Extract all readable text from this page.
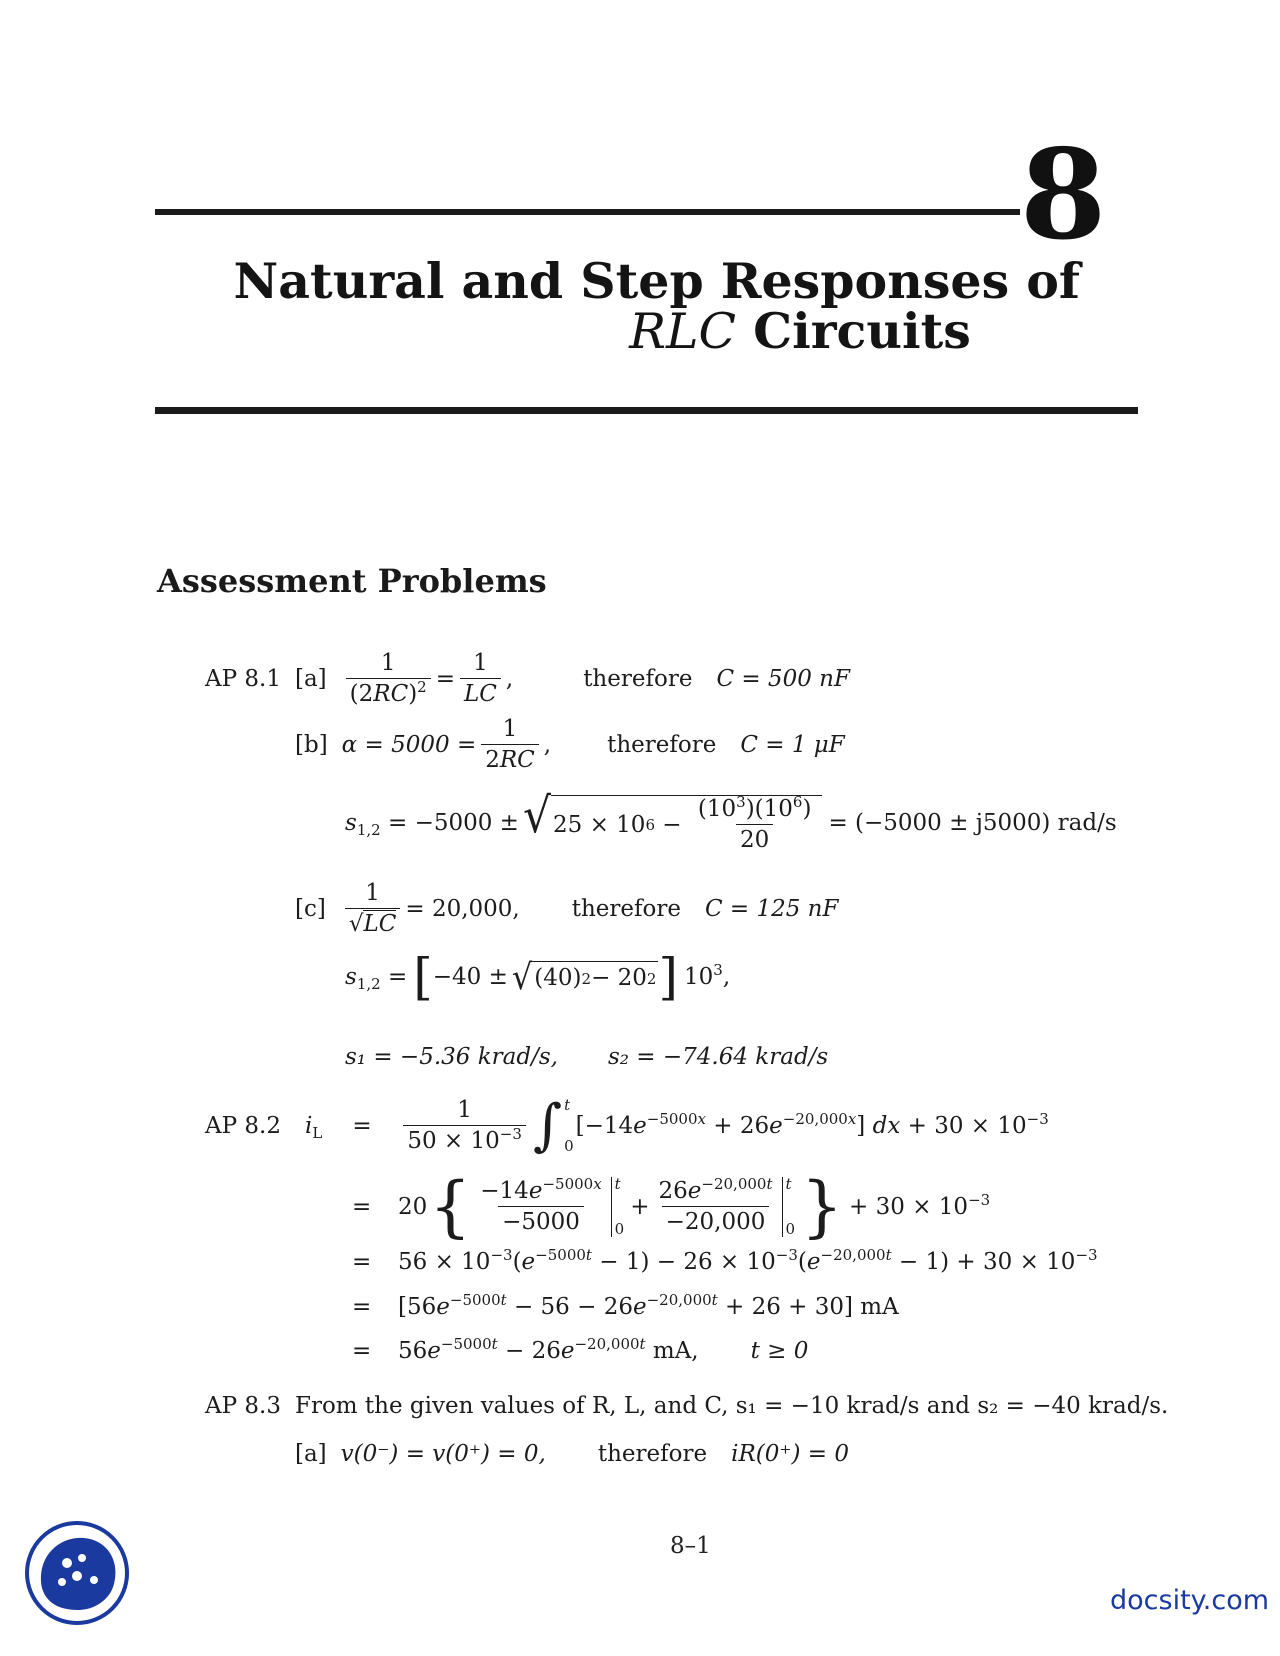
8
Natural and Step Responses of
RLC Circuits
Assessment Problems
AP 8.1 $[a] \frac{1}{(2RC)^2} = \frac{1}{LC}$ ,	therefore C = 500 nF
[b] $\alpha = 5000 = \frac{1}{2RC}$ , therefore C = 1 μF
$s_{1,2} = -5000$ ± √ 25 × 10 $6 - \frac{(10^3)(10^6)}{20} = (-5000 \pm j5000)$ rad/s
$[c] \frac{1}{√LC} = 20,000$, therefore C = 125 nF
$s_{1,2}$ = [ −40 ± √ (40) 2 − 20 2 ] $10^3$,
s₁ = −5.36 krad/s, s₂ = −74.64 krad/s
AP 8.2 $i_L$ =	$\frac{1}{50 \times 10^{-3}}$ ∫ t
0
$[-14e^{-5000x} + 26e^{-20,000x}]$ dx + $30 \times 10^{-3}$
=	20 { $\frac{-14e^{-5000x}}{-5000}$ t
0
+ $\frac{26e^{-20,000t}}{-20,000}$ t
0 } + $30 \times 10^{-3}$
=	$56 \times 10^{-3}(e^{-5000t} - 1) - 26 \times 10^{-3}(e^{-20,000t} - 1) + 30 \times 10^{-3}$
=	$[56e^{-5000t} - 56 - 26e^{-20,000t} + 26 + 30]$ mA
=	$56e^{-5000t} - 26e^{-20,000t}$ mA, t ≥ 0
AP 8.3 From the given values of R, L, and C, s₁ = −10 krad/s and s₂ = −40 krad/s.
[a] v(0⁻) = v(0⁺) = 0, therefore iR(0⁺) = 0
8–1
docsity.com
